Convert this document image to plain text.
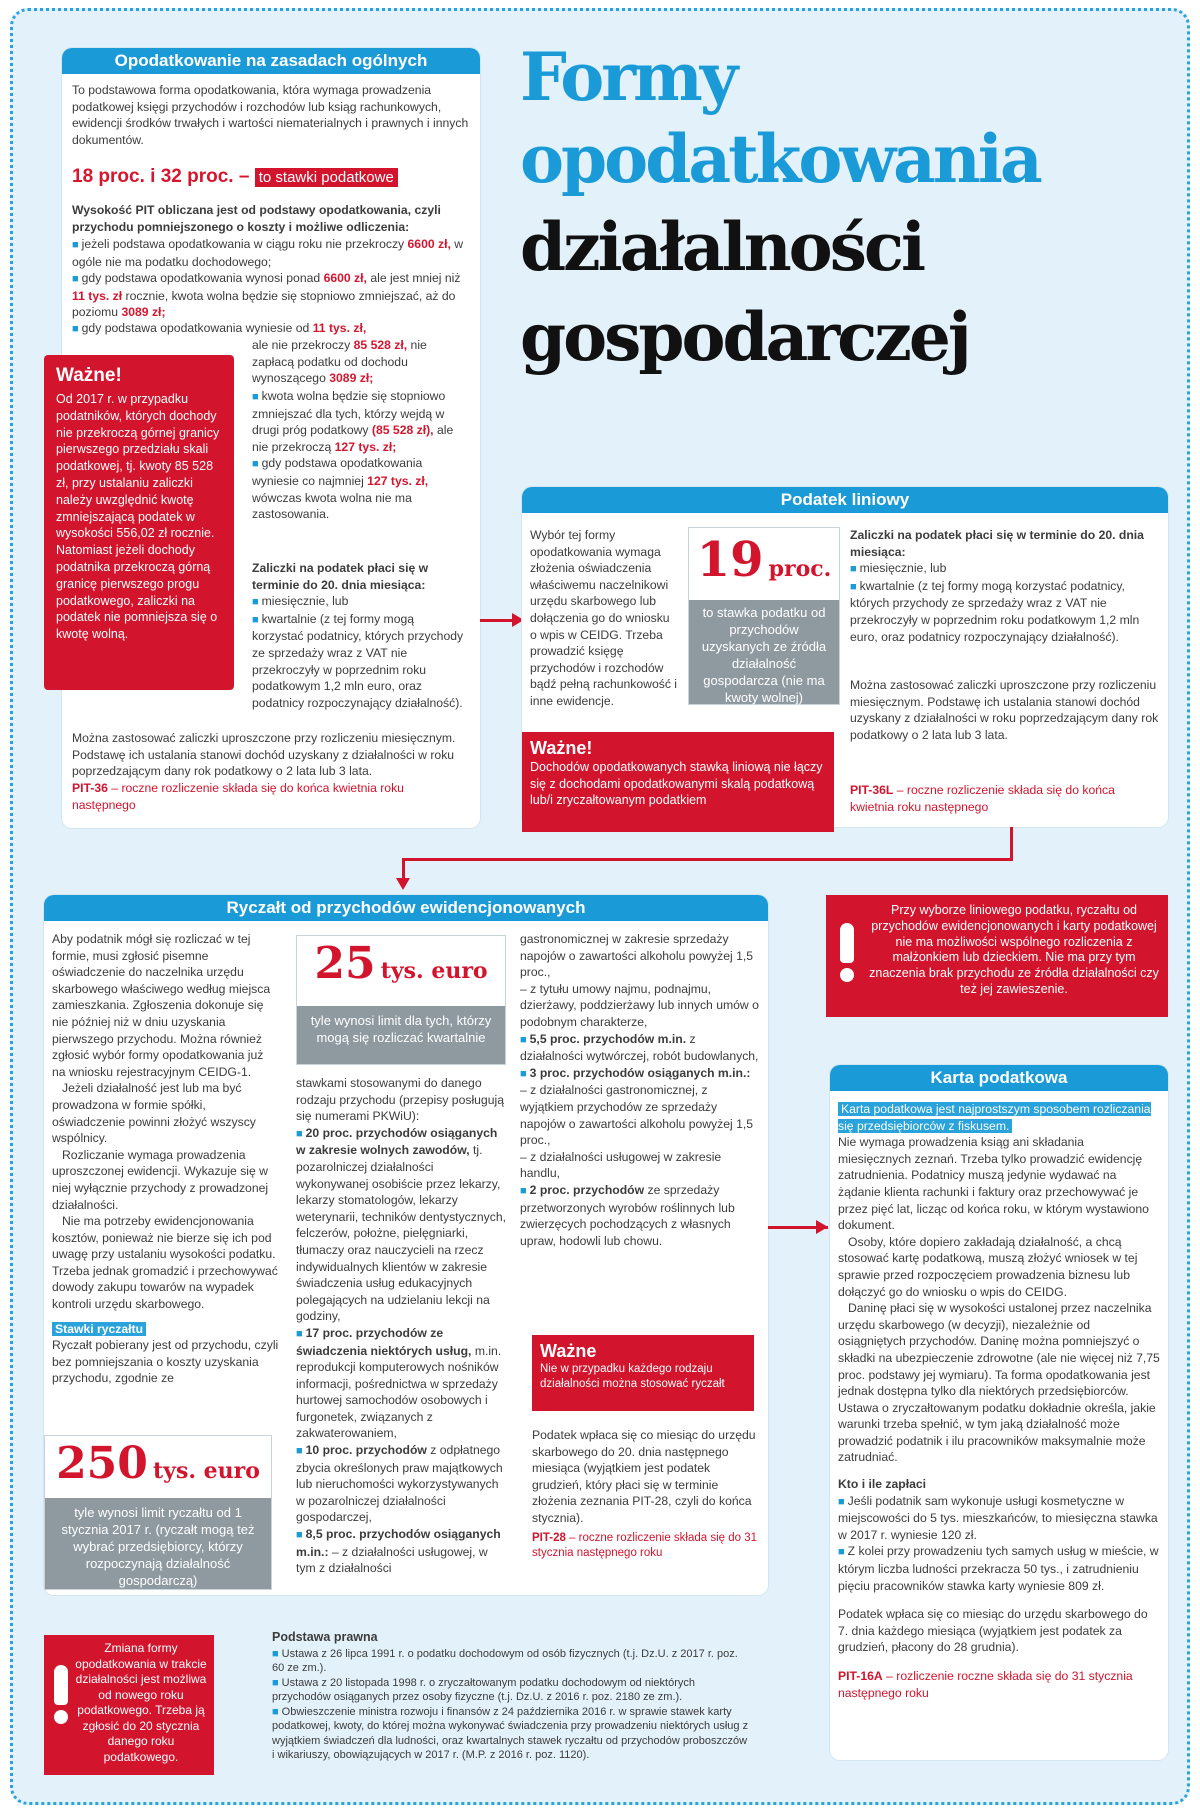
Formy
opodatkowania
działalności
gospodarczej
Opodatkowanie na zasadach ogólnych
To podstawowa forma opodatkowania, która wymaga prowadzenia podatkowej księgi przychodów i rozchodów lub ksiąg rachunkowych, ewidencji środków trwałych i wartości niematerialnych i prawnych i innych dokumentów.
18 proc. i 32 proc. – to stawki podatkowe
Wysokość PIT obliczana jest od podstawy opodatkowania, czyli przychodu pomniejszonego o koszty i możliwe odliczenia:

■ jeżeli podstawa opodatkowania w ciągu roku nie przekroczy 6600 zł, w ogóle nie ma podatku dochodowego;

■ gdy podstawa opodatkowania wynosi ponad 6600 zł, ale jest mniej niż 11 tys. zł rocznie, kwota wolna będzie się stopniowo zmniejszać, aż do poziomu 3089 zł;

■ gdy podstawa opodatkowania wyniesie od 11 tys. zł,

ale nie przekroczy 85 528 zł, nie zapłacą podatku od dochodu wynoszącego 3089 zł;

■ kwota wolna będzie się stopniowo zmniejszać dla tych, którzy wejdą w drugi próg podatkowy (85 528 zł), ale nie przekroczą 127 tys. zł;

■ gdy podstawa opodatkowania wyniesie co najmniej 127 tys. zł, wówczas kwota wolna nie ma zastosowania.

Zaliczki na podatek płaci się w terminie do 20. dnia miesiąca:

■ miesięcznie, lub

■ kwartalnie (z tej formy mogą korzystać podatnicy, których przychody ze sprzedaży wraz z VAT nie przekroczyły w poprzednim roku podatkowym 1,2 mln euro, oraz podatnicy rozpoczynający działalność).

Można zastosować zaliczki uproszczone przy rozliczeniu miesięcznym. Podstawę ich ustalania stanowi dochód uzyskany z działalności w roku poprzedzającym dany rok podatkowy o 2 lata lub 3 lata.
PIT-36 – roczne rozliczenie składa się do końca kwietnia roku następnego
Ważne!
Od 2017 r. w przypadku podatników, których dochody nie przekroczą górnej granicy pierwszego przedziału skali podatkowej, tj. kwoty 85 528 zł, przy ustalaniu zaliczki należy uwzględnić kwotę zmniejszającą podatek w wysokości 556,02 zł rocznie. Natomiast jeżeli dochody podatnika przekroczą górną granicę pierwszego progu podatkowego, zaliczki na podatek nie pomniejsza się o kwotę wolną.
Podatek liniowy
Wybór tej formy opodatkowania wymaga złożenia oświadczenia właściwemu naczelnikowi urzędu skarbowego lub dołączenia go do wniosku o wpis w CEIDG. Trzeba prowadzić księgę przychodów i rozchodów bądź pełną rachunkowość i inne ewidencje.
19 proc.
to stawka podatku od przychodów uzyskanych ze źródła działalność gospodarcza (nie ma kwoty wolnej)

Zaliczki na podatek płaci się w terminie do 20. dnia miesiąca:

■ miesięcznie, lub

■ kwartalnie (z tej formy mogą korzystać podatnicy, których przychody ze sprzedaży wraz z VAT nie przekroczyły w poprzednim roku podatkowym 1,2 mln euro, oraz podatnicy rozpoczynający działalność).

Można zastosować zaliczki uproszczone przy rozliczeniu miesięcznym. Podstawę ich ustalania stanowi dochód uzyskany z działalności w roku poprzedzającym dany rok podatkowy o 2 lata lub 3 lata.
PIT-36L – roczne rozliczenie składa się do końca kwietnia roku następnego
Ważne!
Dochodów opodatkowanych stawką liniową nie łączy się z dochodami opodatkowanymi skalą podatkową lub/i zryczałtowanym podatkiem
Ryczałt od przychodów ewidencjonowanych

Aby podatnik mógł się rozliczać w tej formie, musi zgłosić pisemne oświadczenie do naczelnika urzędu skarbowego właściwego według miejsca zamieszkania. Zgłoszenia dokonuje się nie później niż w dniu uzyskania pierwszego przychodu. Można również zgłosić wybór formy opodatkowania już na wniosku rejestracyjnym CEIDG-1.

Jeżeli działalność jest lub ma być prowadzona w formie spółki, oświadczenie powinni złożyć wszyscy wspólnicy.

Rozliczanie wymaga prowadzenia uproszczonej ewidencji. Wykazuje się w niej wyłącznie przychody z prowadzonej działalności.

Nie ma potrzeby ewidencjonowania kosztów, ponieważ nie bierze się ich pod uwagę przy ustalaniu wysokości podatku. Trzeba jednak gromadzić i przechowywać dowody zakupu towarów na wypadek kontroli urzędu skarbowego.

Stawki ryczałtu

Ryczałt pobierany jest od przychodu, czyli bez pomniejszania o koszty uzyskania przychodu, zgodnie ze

25 tys. euro
tyle wynosi limit dla tych, którzy mogą się rozliczać kwartalnie

stawkami stosowanymi do danego rodzaju przychodu (przepisy posługują się numerami PKWiU):

■ 20 proc. przychodów osiąganych w zakresie wolnych zawodów, tj. pozarolniczej działalności wykonywanej osobiście przez lekarzy, lekarzy stomatologów, lekarzy weterynarii, techników dentystycznych, felczerów, położne, pielęgniarki, tłumaczy oraz nauczycieli na rzecz indywidualnych klientów w zakresie świadczenia usług edukacyjnych polegających na udzielaniu lekcji na godziny,

■ 17 proc. przychodów ze świadczenia niektórych usług, m.in. reprodukcji komputerowych nośników informacji, pośrednictwa w sprzedaży hurtowej samochodów osobowych i furgonetek, związanych z zakwaterowaniem,

■ 10 proc. przychodów z odpłatnego zbycia określonych praw majątkowych lub nieruchomości wykorzystywanych w pozarolniczej działalności gospodarczej,

■ 8,5 proc. przychodów osiąganych m.in.: – z działalności usługowej, w tym z działalności

gastronomicznej w zakresie sprzedaży napojów o zawartości alkoholu powyżej 1,5 proc.,

– z tytułu umowy najmu, podnajmu, dzierżawy, poddzierżawy lub innych umów o podobnym charakterze,

■ 5,5 proc. przychodów m.in. z działalności wytwórczej, robót budowlanych,

■ 3 proc. przychodów osiąganych m.in.:

– z działalności gastronomicznej, z wyjątkiem przychodów ze sprzedaży napojów o zawartości alkoholu powyżej 1,5 proc.,

– z działalności usługowej w zakresie handlu,

■ 2 proc. przychodów ze sprzedaży przetworzonych wyrobów roślinnych lub zwierzęcych pochodzących z własnych upraw, hodowli lub chowu.

Ważne
Nie w przypadku każdego rodzaju działalności można stosować ryczałt
Podatek wpłaca się co miesiąc do urzędu skarbowego do 20. dnia następnego miesiąca (wyjątkiem jest podatek grudzień, który płaci się w terminie złożenia zeznania PIT-28, czyli do końca stycznia).
PIT-28 – roczne rozliczenie składa się do 31 stycznia następnego roku
250 tys. euro
tyle wynosi limit ryczałtu od 1 stycznia 2017 r. (ryczałt mogą też wybrać przedsiębiorcy, którzy rozpoczynają działalność gospodarczą)
Przy wyborze liniowego podatku, ryczałtu od przychodów ewidencjonowanych i karty podatkowej nie ma możliwości wspólnego rozliczenia z małżonkiem lub dzieckiem. Nie ma przy tym znaczenia brak przychodu ze źródła działalności czy też jej zawieszenie.
Karta podatkowa

Karta podatkowa jest najprostszym sposobem rozliczania się przedsiębiorców z fiskusem.

Nie wymaga prowadzenia ksiąg ani składania miesięcznych zeznań. Trzeba tylko prowadzić ewidencję zatrudnienia. Podatnicy muszą jedynie wydawać na żądanie klienta rachunki i faktury oraz przechowywać je przez pięć lat, licząc od końca roku, w którym wystawiono dokument.

Osoby, które dopiero zakładają działalność, a chcą stosować kartę podatkową, muszą złożyć wniosek w tej sprawie przed rozpoczęciem prowadzenia biznesu lub dołączyć go do wniosku o wpis do CEIDG.

Daninę płaci się w wysokości ustalonej przez naczelnika urzędu skarbowego (w decyzji), niezależnie od osiągniętych przychodów. Daninę można pomniejszyć o składki na ubezpieczenie zdrowotne (ale nie więcej niż 7,75 proc. podstawy jej wymiaru). Ta forma opodatkowania jest jednak dostępna tylko dla niektórych przedsiębiorców. Ustawa o zryczałtowanym podatku dokładnie określa, jakie warunki trzeba spełnić, w tym jaką działalność może prowadzić podatnik i ilu pracowników maksymalnie może zatrudniać.

Kto i ile zapłaci

■ Jeśli podatnik sam wykonuje usługi kosmetyczne w miejscowości do 5 tys. mieszkańców, to miesięczna stawka w 2017 r. wyniesie 120 zł.

■ Z kolei przy prowadzeniu tych samych usług w mieście, w którym liczba ludności przekracza 50 tys., i zatrudnieniu pięciu pracowników stawka karty wyniesie 809 zł.

Podatek wpłaca się co miesiąc do urzędu skarbowego do 7. dnia każdego miesiąca (wyjątkiem jest podatek za grudzień, płacony do 28 grudnia).

PIT-16A – rozliczenie roczne składa się do 31 stycznia następnego roku

Zmiana formy opodatkowania w trakcie działalności jest możliwa od nowego roku podatkowego. Trzeba ją zgłosić do 20 stycznia danego roku podatkowego.
Podstawa prawna

■ Ustawa z 26 lipca 1991 r. o podatku dochodowym od osób fizycznych (t.j. Dz.U. z 2017 r. poz. 60 ze zm.).

■ Ustawa z 20 listopada 1998 r. o zryczałtowanym podatku dochodowym od niektórych przychodów osiąganych przez osoby fizyczne (t.j. Dz.U. z 2016 r. poz. 2180 ze zm.).

■ Obwieszczenie ministra rozwoju i finansów z 24 października 2016 r. w sprawie stawek karty podatkowej, kwoty, do której można wykonywać świadczenia przy prowadzeniu niektórych usług z wyjątkiem świadczeń dla ludności, oraz kwartalnych stawek ryczałtu od przychodów proboszczów i wikariuszy, obowiązujących w 2017 r. (M.P. z 2016 r. poz. 1120).
